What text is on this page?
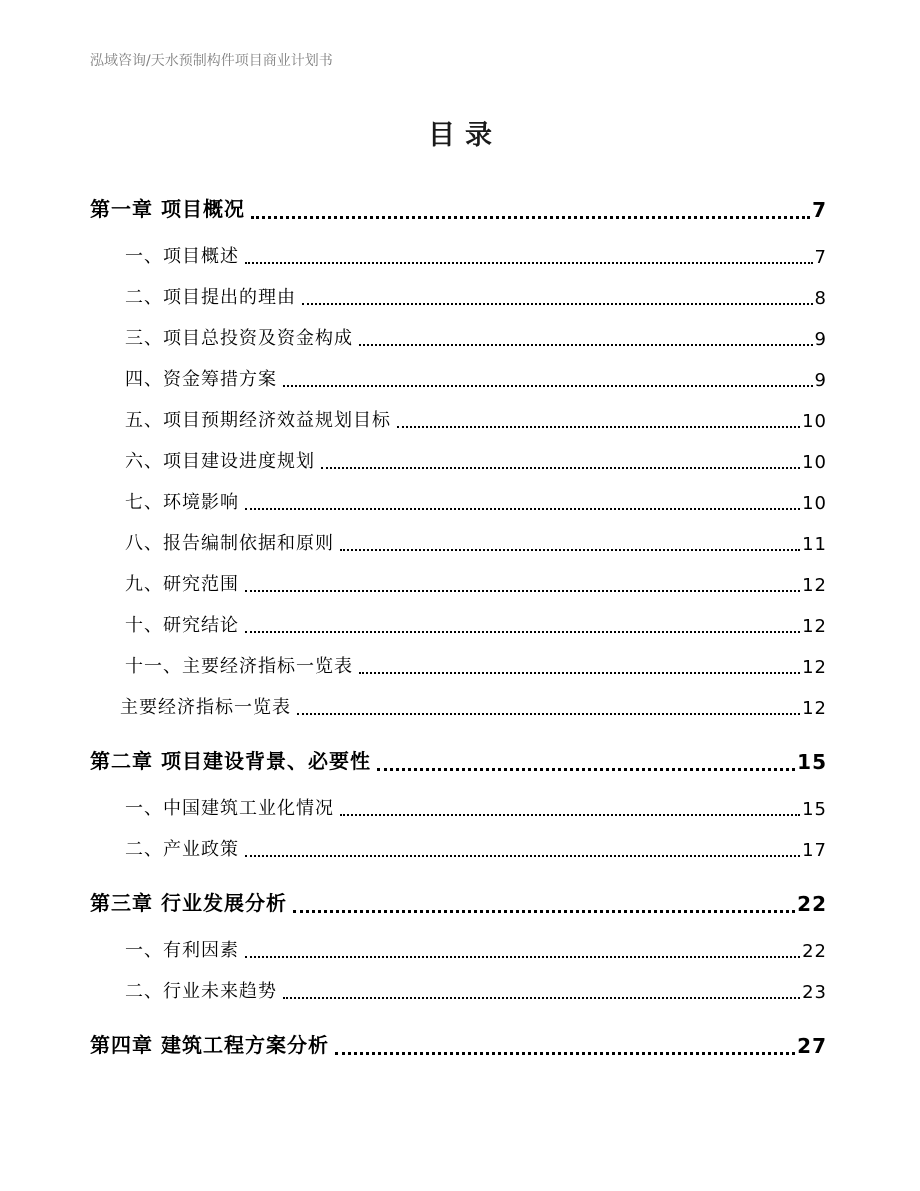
泓域咨询/天水预制构件项目商业计划书
目录
第一章 项目概况	7
一、项目概述	7
二、项目提出的理由	8
三、项目总投资及资金构成	9
四、资金筹措方案	9
五、项目预期经济效益规划目标	10
六、项目建设进度规划	10
七、环境影响	10
八、报告编制依据和原则	11
九、研究范围	12
十、研究结论	12
十一、主要经济指标一览表	12
主要经济指标一览表	12
第二章 项目建设背景、必要性	15
一、中国建筑工业化情况	15
二、产业政策	17
第三章 行业发展分析	22
一、有利因素	22
二、行业未来趋势	23
第四章 建筑工程方案分析	27
